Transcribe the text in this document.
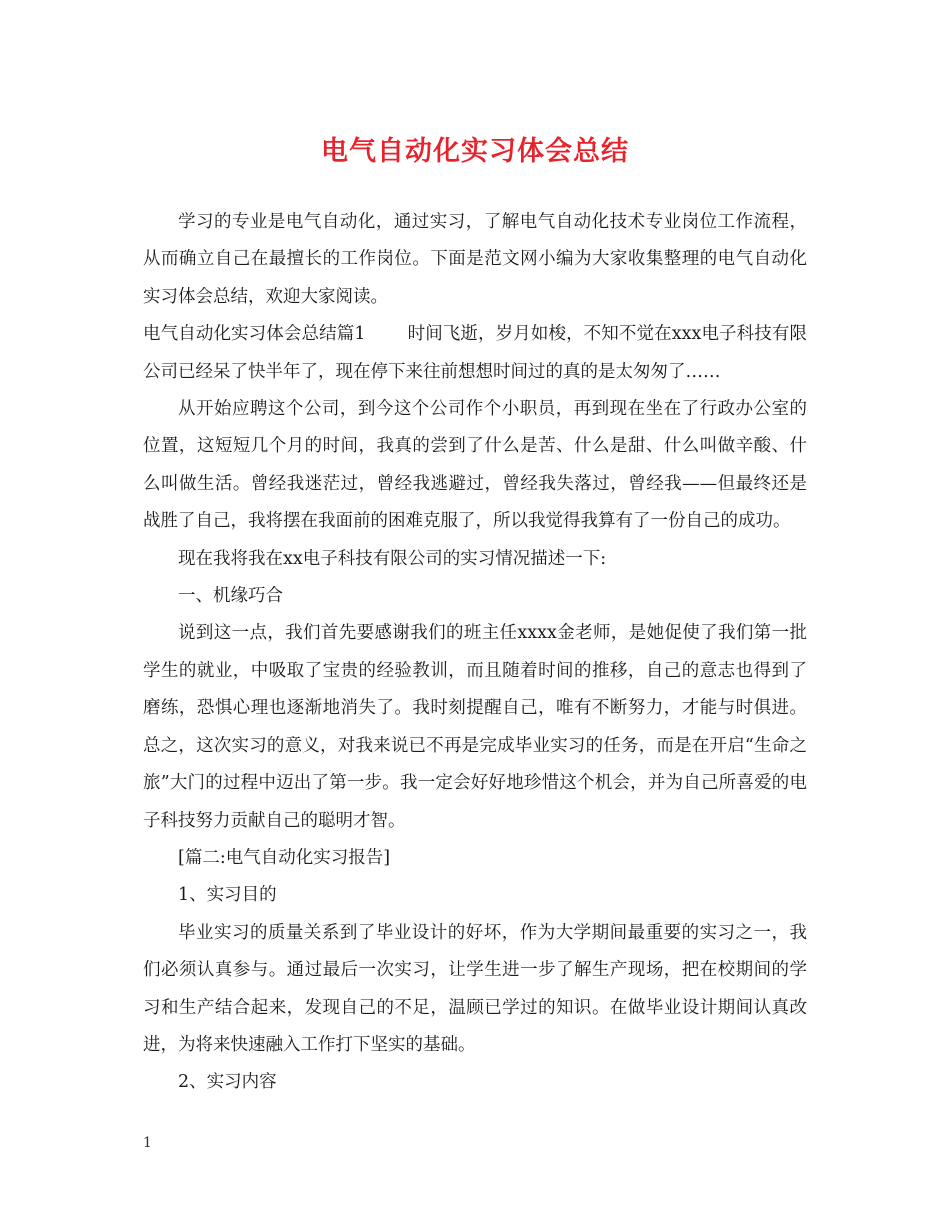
电气自动化实习体会总结

学习的专业是电气自动化，通过实习，了解电气自动化技术专业岗位工作流程，从而确立自己在最擅长的工作岗位。下面是范文网小编为大家收集整理的电气自动化实习体会总结，欢迎大家阅读。

电气自动化实习体会总结篇1 时间飞逝，岁月如梭，不知不觉在xxx电子科技有限公司已经呆了快半年了，现在停下来往前想想时间过的真的是太匆匆了……

从开始应聘这个公司，到今这个公司作个小职员，再到现在坐在了行政办公室的位置，这短短几个月的时间，我真的尝到了什么是苦、什么是甜、什么叫做辛酸、什么叫做生活。曾经我迷茫过，曾经我逃避过，曾经我失落过，曾经我——但最终还是战胜了自己，我将摆在我面前的困难克服了，所以我觉得我算有了一份自己的成功。

现在我将我在xx电子科技有限公司的实习情况描述一下:

一、机缘巧合

说到这一点，我们首先要感谢我们的班主任xxxx金老师，是她促使了我们第一批学生的就业，中吸取了宝贵的经验教训，而且随着时间的推移，自己的意志也得到了磨练，恐惧心理也逐渐地消失了。我时刻提醒自己，唯有不断努力，才能与时俱进。总之，这次实习的意义，对我来说已不再是完成毕业实习的任务，而是在开启“生命之旅”大门的过程中迈出了第一步。我一定会好好地珍惜这个机会，并为自己所喜爱的电子科技努力贡献自己的聪明才智。

[篇二:电气自动化实习报告]

1、实习目的

毕业实习的质量关系到了毕业设计的好坏，作为大学期间最重要的实习之一，我们必须认真参与。通过最后一次实习，让学生进一步了解生产现场，把在校期间的学习和生产结合起来，发现自己的不足，温顾已学过的知识。在做毕业设计期间认真改进，为将来快速融入工作打下坚实的基础。

2、实习内容

1
